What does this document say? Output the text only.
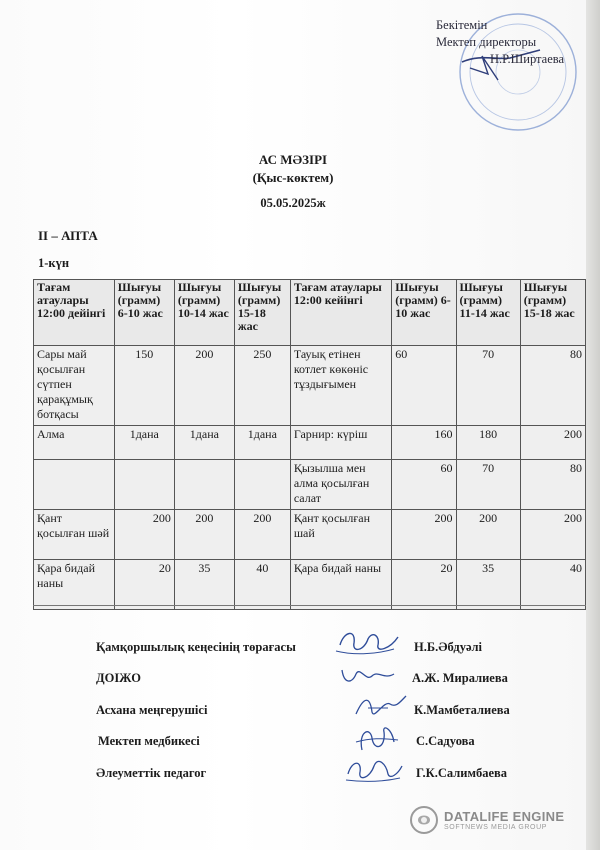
Бекітемін
Мектеп директоры
Н.Р.Ширтаева
АС МӘЗІРІ
(Қыс-көктем)
05.05.2025ж
ІІ – АПТА
1-күн
Тағам атаулары 12:00 дейінгі	Шығуы (грамм) 6-10 жас	Шығуы (грамм) 10-14 жас	Шығуы (грамм) 15-18 жас	Тағам атаулары 12:00 кейінгі	Шығуы (грамм) 6-10 жас	Шығуы (грамм) 11-14 жас	Шығуы (грамм) 15-18 жас
Сары май қосылған сүтпен қарақұмық ботқасы	150	200	250	Тауық етінен котлет көкөніс тұздығымен	60	70	80
Алма	1дана	1дана	1дана	Гарнир: күріш	160	180	200
				Қызылша мен алма қосылған салат	60	70	80
Қант қосылған шәй	200	200	200	Қант қосылған шай	200	200	200
Қара бидай наны	20	35	40	Қара бидай наны	20	35	40
Қамқоршылық кеңесінің төрағасы	Н.Б.Әбдуәлі
ДОІЖО	А.Ж. Миралиева
Асхана меңгерушісі	К.Мамбеталиева
Мектеп медбикесі	С.Садуова
Әлеуметтік педагог	Г.К.Салимбаева
DATALIFE ENGINE
SOFTNEWS MEDIA GROUP
